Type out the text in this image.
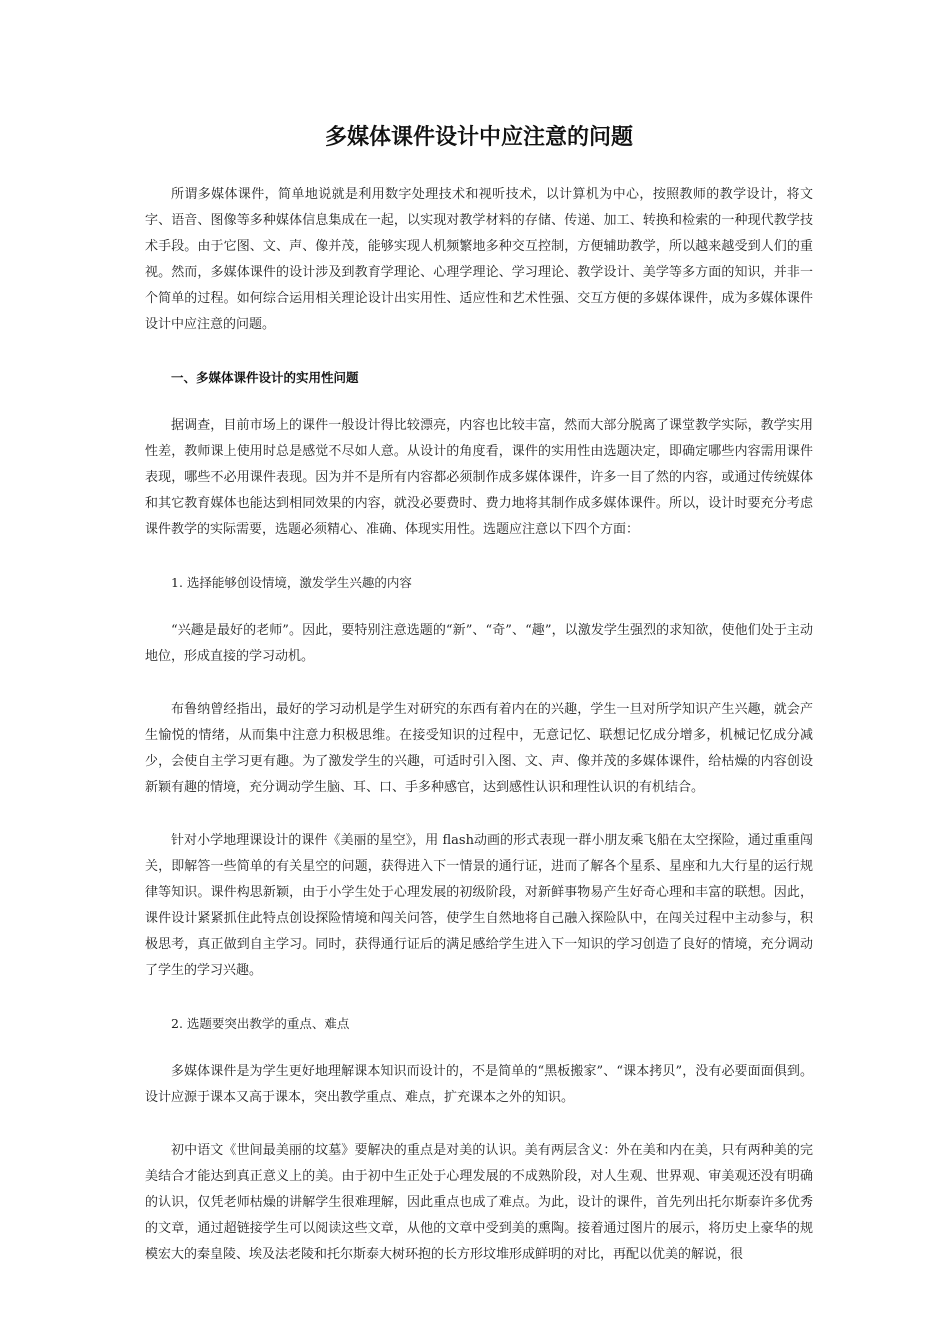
多媒体课件设计中应注意的问题

所谓多媒体课件，简单地说就是利用数字处理技术和视听技术，以计算机为中心，按照教师的教学设计，将文字、语音、图像等多种媒体信息集成在一起，以实现对教学材料的存储、传递、加工、转换和检索的一种现代教学技术手段。由于它图、文、声、像并茂，能够实现人机频繁地多种交互控制，方便辅助教学，所以越来越受到人们的重视。然而，多媒体课件的设计涉及到教育学理论、心理学理论、学习理论、教学设计、美学等多方面的知识，并非一个简单的过程。如何综合运用相关理论设计出实用性、适应性和艺术性强、交互方便的多媒体课件，成为多媒体课件设计中应注意的问题。

一、多媒体课件设计的实用性问题

据调查，目前市场上的课件一般设计得比较漂亮，内容也比较丰富，然而大部分脱离了课堂教学实际，教学实用性差，教师课上使用时总是感觉不尽如人意。从设计的角度看，课件的实用性由选题决定，即确定哪些内容需用课件表现，哪些不必用课件表现。因为并不是所有内容都必须制作成多媒体课件，许多一目了然的内容，或通过传统媒体和其它教育媒体也能达到相同效果的内容，就没必要费时、费力地将其制作成多媒体课件。所以，设计时要充分考虑课件教学的实际需要，选题必须精心、准确、体现实用性。选题应注意以下四个方面：

1. 选择能够创设情境，激发学生兴趣的内容

“兴趣是最好的老师”。因此，要特别注意选题的“新”、“奇”、“趣”，以激发学生强烈的求知欲，使他们处于主动地位，形成直接的学习动机。

布鲁纳曾经指出，最好的学习动机是学生对研究的东西有着内在的兴趣，学生一旦对所学知识产生兴趣，就会产生愉悦的情绪，从而集中注意力积极思维。在接受知识的过程中，无意记忆、联想记忆成分增多，机械记忆成分减少，会使自主学习更有趣。为了激发学生的兴趣，可适时引入图、文、声、像并茂的多媒体课件，给枯燥的内容创设新颖有趣的情境，充分调动学生脑、耳、口、手多种感官，达到感性认识和理性认识的有机结合。

针对小学地理课设计的课件《美丽的星空》，用 flash动画的形式表现一群小朋友乘飞船在太空探险，通过重重闯关，即解答一些简单的有关星空的问题，获得进入下一情景的通行证，进而了解各个星系、星座和九大行星的运行规律等知识。课件构思新颖，由于小学生处于心理发展的初级阶段，对新鲜事物易产生好奇心理和丰富的联想。因此，课件设计紧紧抓住此特点创设探险情境和闯关问答，使学生自然地将自己融入探险队中，在闯关过程中主动参与，积极思考，真正做到自主学习。同时，获得通行证后的满足感给学生进入下一知识的学习创造了良好的情境，充分调动了学生的学习兴趣。

2. 选题要突出教学的重点、难点

多媒体课件是为学生更好地理解课本知识而设计的，不是简单的“黑板搬家”、“课本拷贝”，没有必要面面俱到。设计应源于课本又高于课本，突出教学重点、难点，扩充课本之外的知识。

初中语文《世间最美丽的坟墓》要解决的重点是对美的认识。美有两层含义：外在美和内在美，只有两种美的完美结合才能达到真正意义上的美。由于初中生正处于心理发展的不成熟阶段，对人生观、世界观、审美观还没有明确的认识，仅凭老师枯燥的讲解学生很难理解，因此重点也成了难点。为此，设计的课件，首先列出托尔斯泰许多优秀的文章，通过超链接学生可以阅读这些文章，从他的文章中受到美的熏陶。接着通过图片的展示，将历史上豪华的规模宏大的秦皇陵、埃及法老陵和托尔斯泰大树环抱的长方形坟堆形成鲜明的对比，再配以优美的解说，很
